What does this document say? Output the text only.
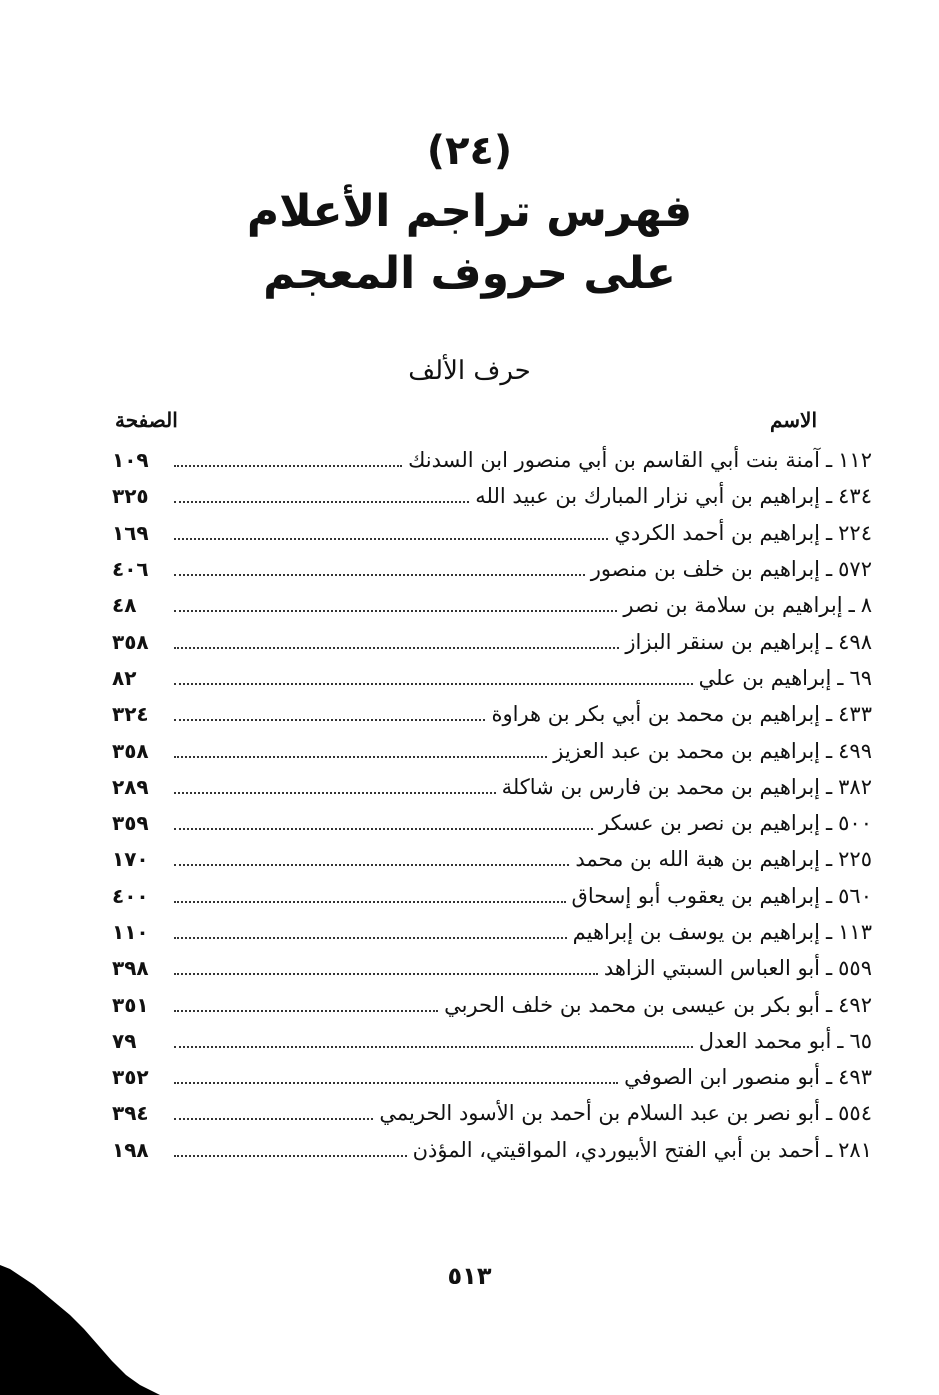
(٢٤)
فهرس تراجم الأعلام
على حروف المعجم
حرف الألف
الاسم
الصفحة
١١٢
ـ
آمنة بنت أبي القاسم بن أبي منصور ابن السدنك
١٠٩
٤٣٤
ـ
إبراهيم بن أبي نزار المبارك بن عبيد الله
٣٢٥
٢٢٤
ـ
إبراهيم بن أحمد الكردي
١٦٩
٥٧٢
ـ
إبراهيم بن خلف بن منصور
٤٠٦
٨
ـ
إبراهيم بن سلامة بن نصر
٤٨
٤٩٨
ـ
إبراهيم بن سنقر البزاز
٣٥٨
٦٩
ـ
إبراهيم بن علي
٨٢
٤٣٣
ـ
إبراهيم بن محمد بن أبي بكر بن هراوة
٣٢٤
٤٩٩
ـ
إبراهيم بن محمد بن عبد العزيز
٣٥٨
٣٨٢
ـ
إبراهيم بن محمد بن فارس بن شاكلة
٢٨٩
٥٠٠
ـ
إبراهيم بن نصر بن عسكر
٣٥٩
٢٢٥
ـ
إبراهيم بن هبة الله بن محمد
١٧٠
٥٦٠
ـ
إبراهيم بن يعقوب أبو إسحاق
٤٠٠
١١٣
ـ
إبراهيم بن يوسف بن إبراهيم
١١٠
٥٥٩
ـ
أبو العباس السبتي الزاهد
٣٩٨
٤٩٢
ـ
أبو بكر بن عيسى بن محمد بن خلف الحربي
٣٥١
٦٥
ـ
أبو محمد العدل
٧٩
٤٩٣
ـ
أبو منصور ابن الصوفي
٣٥٢
٥٥٤
ـ
أبو نصر بن عبد السلام بن أحمد بن الأسود الحريمي
٣٩٤
٢٨١
ـ
أحمد بن أبي الفتح الأبيوردي، المواقيتي، المؤذن
١٩٨
٥١٣
